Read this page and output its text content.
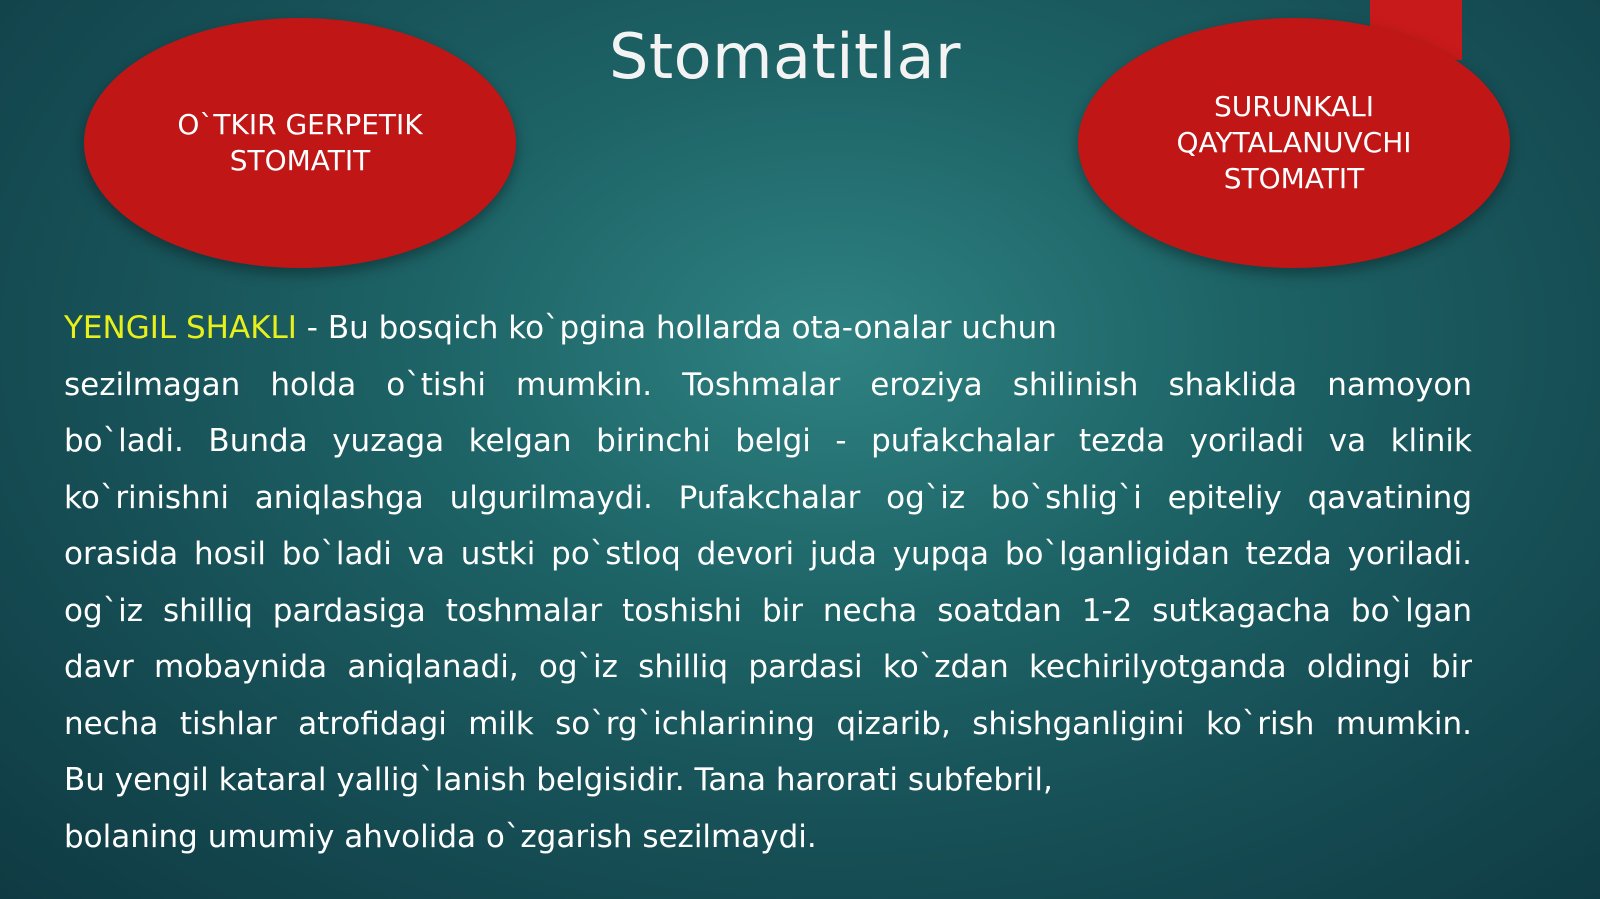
O`TKIR GERPETIK
STOMATIT
Stomatitlar
SURUNKALI
QAYTALANUVCHI
STOMATIT
YENGIL SHAKLI - Bu bosqich ko`pgina hollarda ota-onalar uchun
sezilmagan holda o`tishi mumkin. Toshmalar eroziya shilinish shaklida namoyon
bo`ladi. Bunda yuzaga kelgan birinchi belgi - pufakchalar tezda yoriladi va klinik
ko`rinishni aniqlashga ulgurilmaydi. Pufakchalar og`iz bo`shlig`i epiteliy qavatining
orasida hosil bo`ladi va ustki po`stloq devori juda yupqa bo`lganligidan tezda yoriladi.
og`iz shilliq pardasiga toshmalar toshishi bir necha soatdan 1-2 sutkagacha bo`lgan
davr mobaynida aniqlanadi, og`iz shilliq pardasi ko`zdan kechirilyotganda oldingi bir
necha tishlar atrofidagi milk so`rg`ichlarining qizarib, shishganligini ko`rish mumkin.
Bu yengil kataral yallig`lanish belgisidir. Tana harorati subfebril,
bolaning umumiy ahvolida o`zgarish sezilmaydi.
